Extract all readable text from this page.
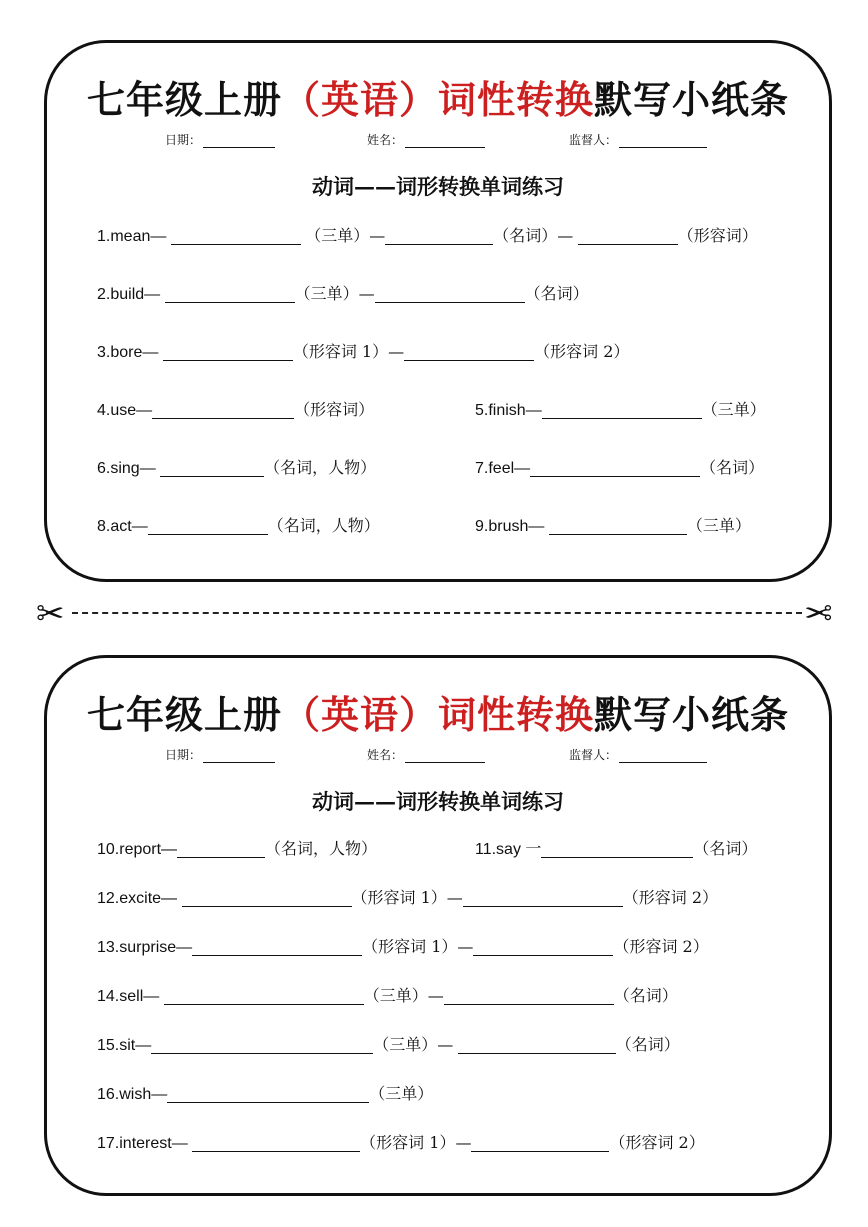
七年级上册（英语）词性转换默写小纸条
日期：	姓名：	监督人：
动词——词形转换单词练习
1.mean—	（三单）—	（名词）—	（形容词）
2.build—	（三单）—	（名词）
3.bore—	（形容词 1）—	（形容词 2）
4.use—	（形容词）	5.finish—	（三单）
6.sing—	（名词，人物）	7.feel—	（名词）
8.act—	（名词，人物）	9.brush—	（三单）
✂	✂
七年级上册（英语）词性转换默写小纸条
日期：	姓名：	监督人：
动词——词形转换单词练习
10.report—	（名词，人物）	11.say 一	（名词）
12.excite—	（形容词 1）—	（形容词 2）
13.surprise—	（形容词 1）—	（形容词 2）
14.sell—	（三单）—	（名词）
15.sit—	（三单）—	（名词）
16.wish—	（三单）
17.interest—	（形容词 1）—	（形容词 2）
